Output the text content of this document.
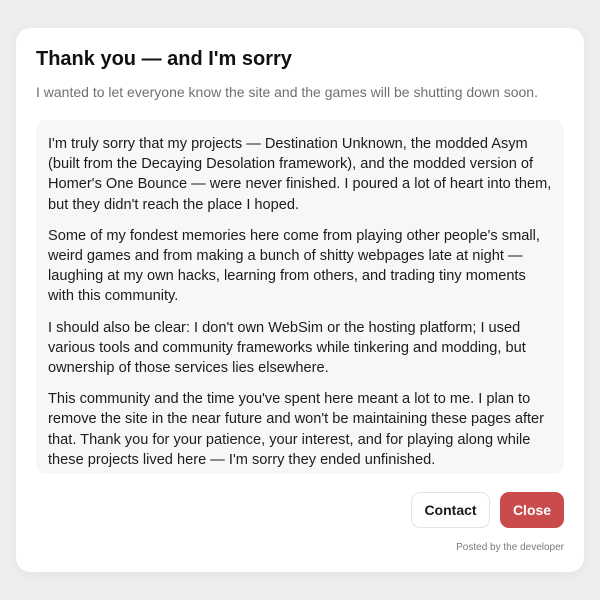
Thank you — and I'm sorry

I wanted to let everyone know the site and the games will be shutting down soon.

I'm truly sorry that my projects — Destination Unknown, the modded Asym (built from the Decaying Desolation framework), and the modded version of Homer's One Bounce — were never finished. I poured a lot of heart into them, but they didn't reach the place I hoped.

Some of my fondest memories here come from playing other people's small, weird games and from making a bunch of shitty webpages late at night — laughing at my own hacks, learning from others, and trading tiny moments with this community.

I should also be clear: I don't own WebSim or the hosting platform; I used various tools and community frameworks while tinkering and modding, but ownership of those services lies elsewhere.

This community and the time you've spent here meant a lot to me. I plan to remove the site in the near future and won't be maintaining these pages after that. Thank you for your patience, your interest, and for playing along while these projects lived here — I'm sorry they ended unfinished.

Contact	Close

Posted by the developer
